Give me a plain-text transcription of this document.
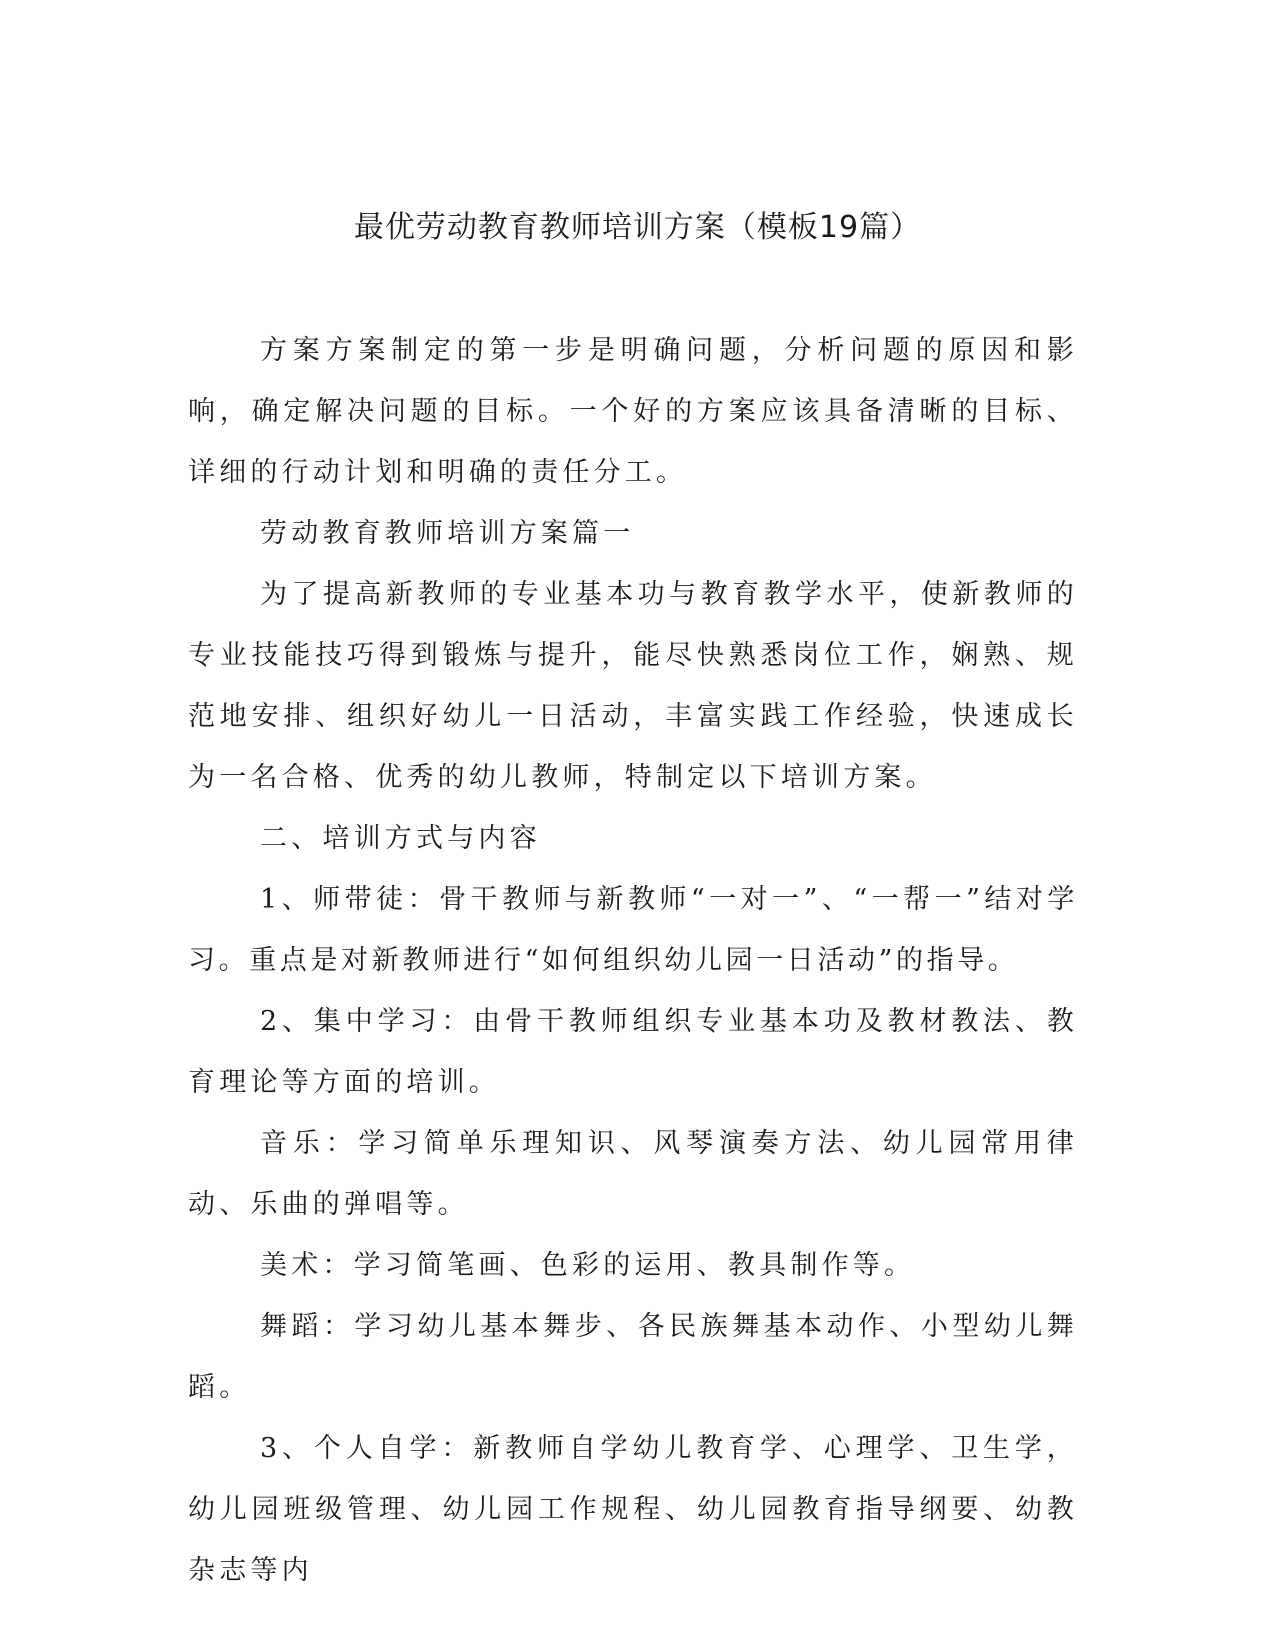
最优劳动教育教师培训方案（模板19篇）

方案方案制定的第一步是明确问题，分析问题的原因和影响，确定解决问题的目标。一个好的方案应该具备清晰的目标、详细的行动计划和明确的责任分工。

劳动教育教师培训方案篇一

为了提高新教师的专业基本功与教育教学水平，使新教师的专业技能技巧得到锻炼与提升，能尽快熟悉岗位工作，娴熟、规范地安排、组织好幼儿一日活动，丰富实践工作经验，快速成长为一名合格、优秀的幼儿教师，特制定以下培训方案。

二、培训方式与内容

1、师带徒：骨干教师与新教师“一对一”、“一帮一”结对学习。重点是对新教师进行“如何组织幼儿园一日活动”的指导。

2、集中学习：由骨干教师组织专业基本功及教材教法、教育理论等方面的培训。

音乐：学习简单乐理知识、风琴演奏方法、幼儿园常用律动、乐曲的弹唱等。

美术：学习简笔画、色彩的运用、教具制作等。

舞蹈：学习幼儿基本舞步、各民族舞基本动作、小型幼儿舞蹈。

3、个人自学：新教师自学幼儿教育学、心理学、卫生学，幼儿园班级管理、幼儿园工作规程、幼儿园教育指导纲要、幼教杂志等内
